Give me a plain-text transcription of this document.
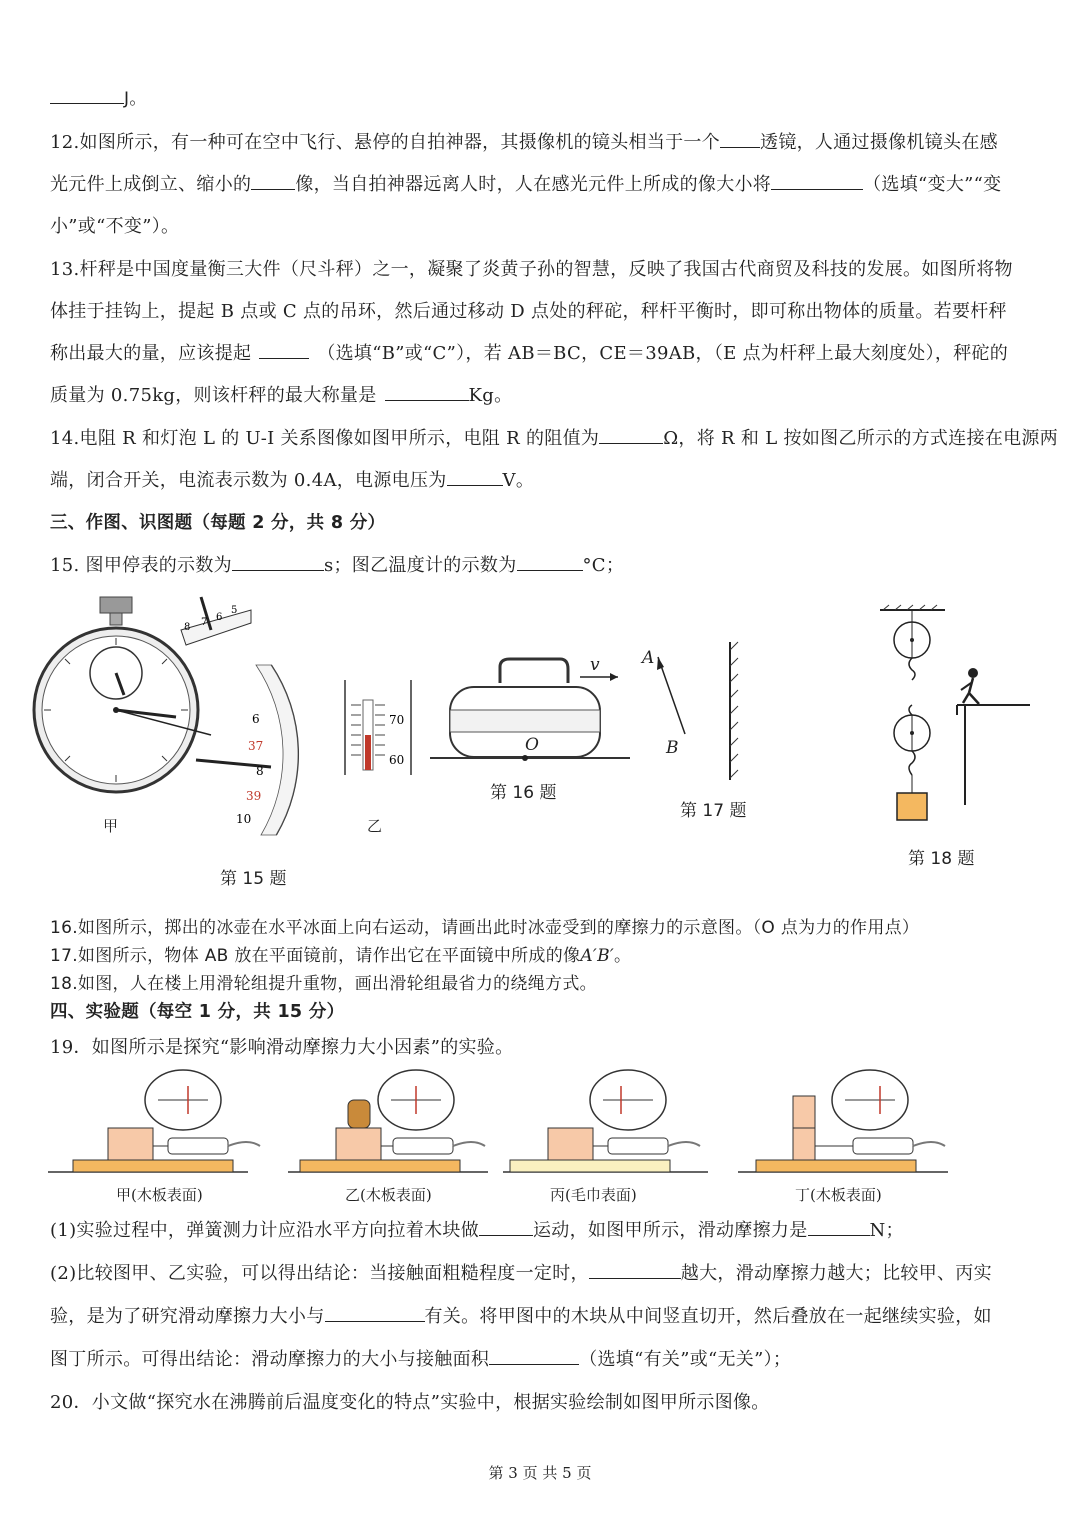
J。
12.如图所示，有一种可在空中飞行、悬停的自拍神器，其摄像机的镜头相当于一个 透镜，人通过摄像机镜头在感
光元件上成倒立、缩小的 像，当自拍神器远离人时，人在感光元件上所成的像大小将	（选填“变大”“变
小”或“不变”）。
13.杆秤是中国度量衡三大件（尺斗秤）之一，凝聚了炎黄子孙的智慧，反映了我国古代商贸及科技的发展。如图所将物
体挂于挂钩上，提起 B 点或 C 点的吊环，然后通过移动 D 点处的秤砣，秤杆平衡时，即可称出物体的质量。若要杆秤
称出最大的量，应该提起	（选填“B”或“C”），若 AB＝BC，CE＝39AB，（E 点为杆秤上最大刻度处），秤砣的
质量为 0.75kg，则该杆秤的最大称量是	Kg。
14.电阻 R 和灯泡 L 的 U-I 关系图像如图甲所示，电阻 R 的阻值为	Ω，将 R 和 L 按如图乙所示的方式连接在电源两
端，闭合开关，电流表示数为 0.4A，电源电压为	V。
三、作图、识图题（每题 2 分，共 8 分）
15. 图甲停表的示数为	s；图乙温度计的示数为	°C；
8 7 6
5
6
37
8
39
10
甲
第 15 题
70
60
乙
v
O
第 16 题
A
B
第 17 题
第 18 题
16.如图所示，掷出的冰壶在水平冰面上向右运动，请画出此时冰壶受到的摩擦力的示意图。（O 点为力的作用点）
17.如图所示，物体 AB 放在平面镜前，请作出它在平面镜中所成的像A′B′。
18.如图，人在楼上用滑轮组提升重物，画出滑轮组最省力的绕绳方式。
四、实验题（每空 1 分，共 15 分）
19．如图所示是探究“影响滑动摩擦力大小因素”的实验。
甲(木板表面)	乙(木板表面)	丙(毛巾表面)	丁(木板表面)
(1)实验过程中，弹簧测力计应沿水平方向拉着木块做	运动，如图甲所示，滑动摩擦力是	N；
(2)比较图甲、乙实验，可以得出结论：当接触面粗糙程度一定时，	越大，滑动摩擦力越大；比较甲、丙实
验，是为了研究滑动摩擦力大小与	有关。将甲图中的木块从中间竖直切开，然后叠放在一起继续实验，如
图丁所示。可得出结论：滑动摩擦力的大小与接触面积	（选填“有关”或“无关”）；
20．小文做“探究水在沸腾前后温度变化的特点”实验中，根据实验绘制如图甲所示图像。
第 3 页 共 5 页
